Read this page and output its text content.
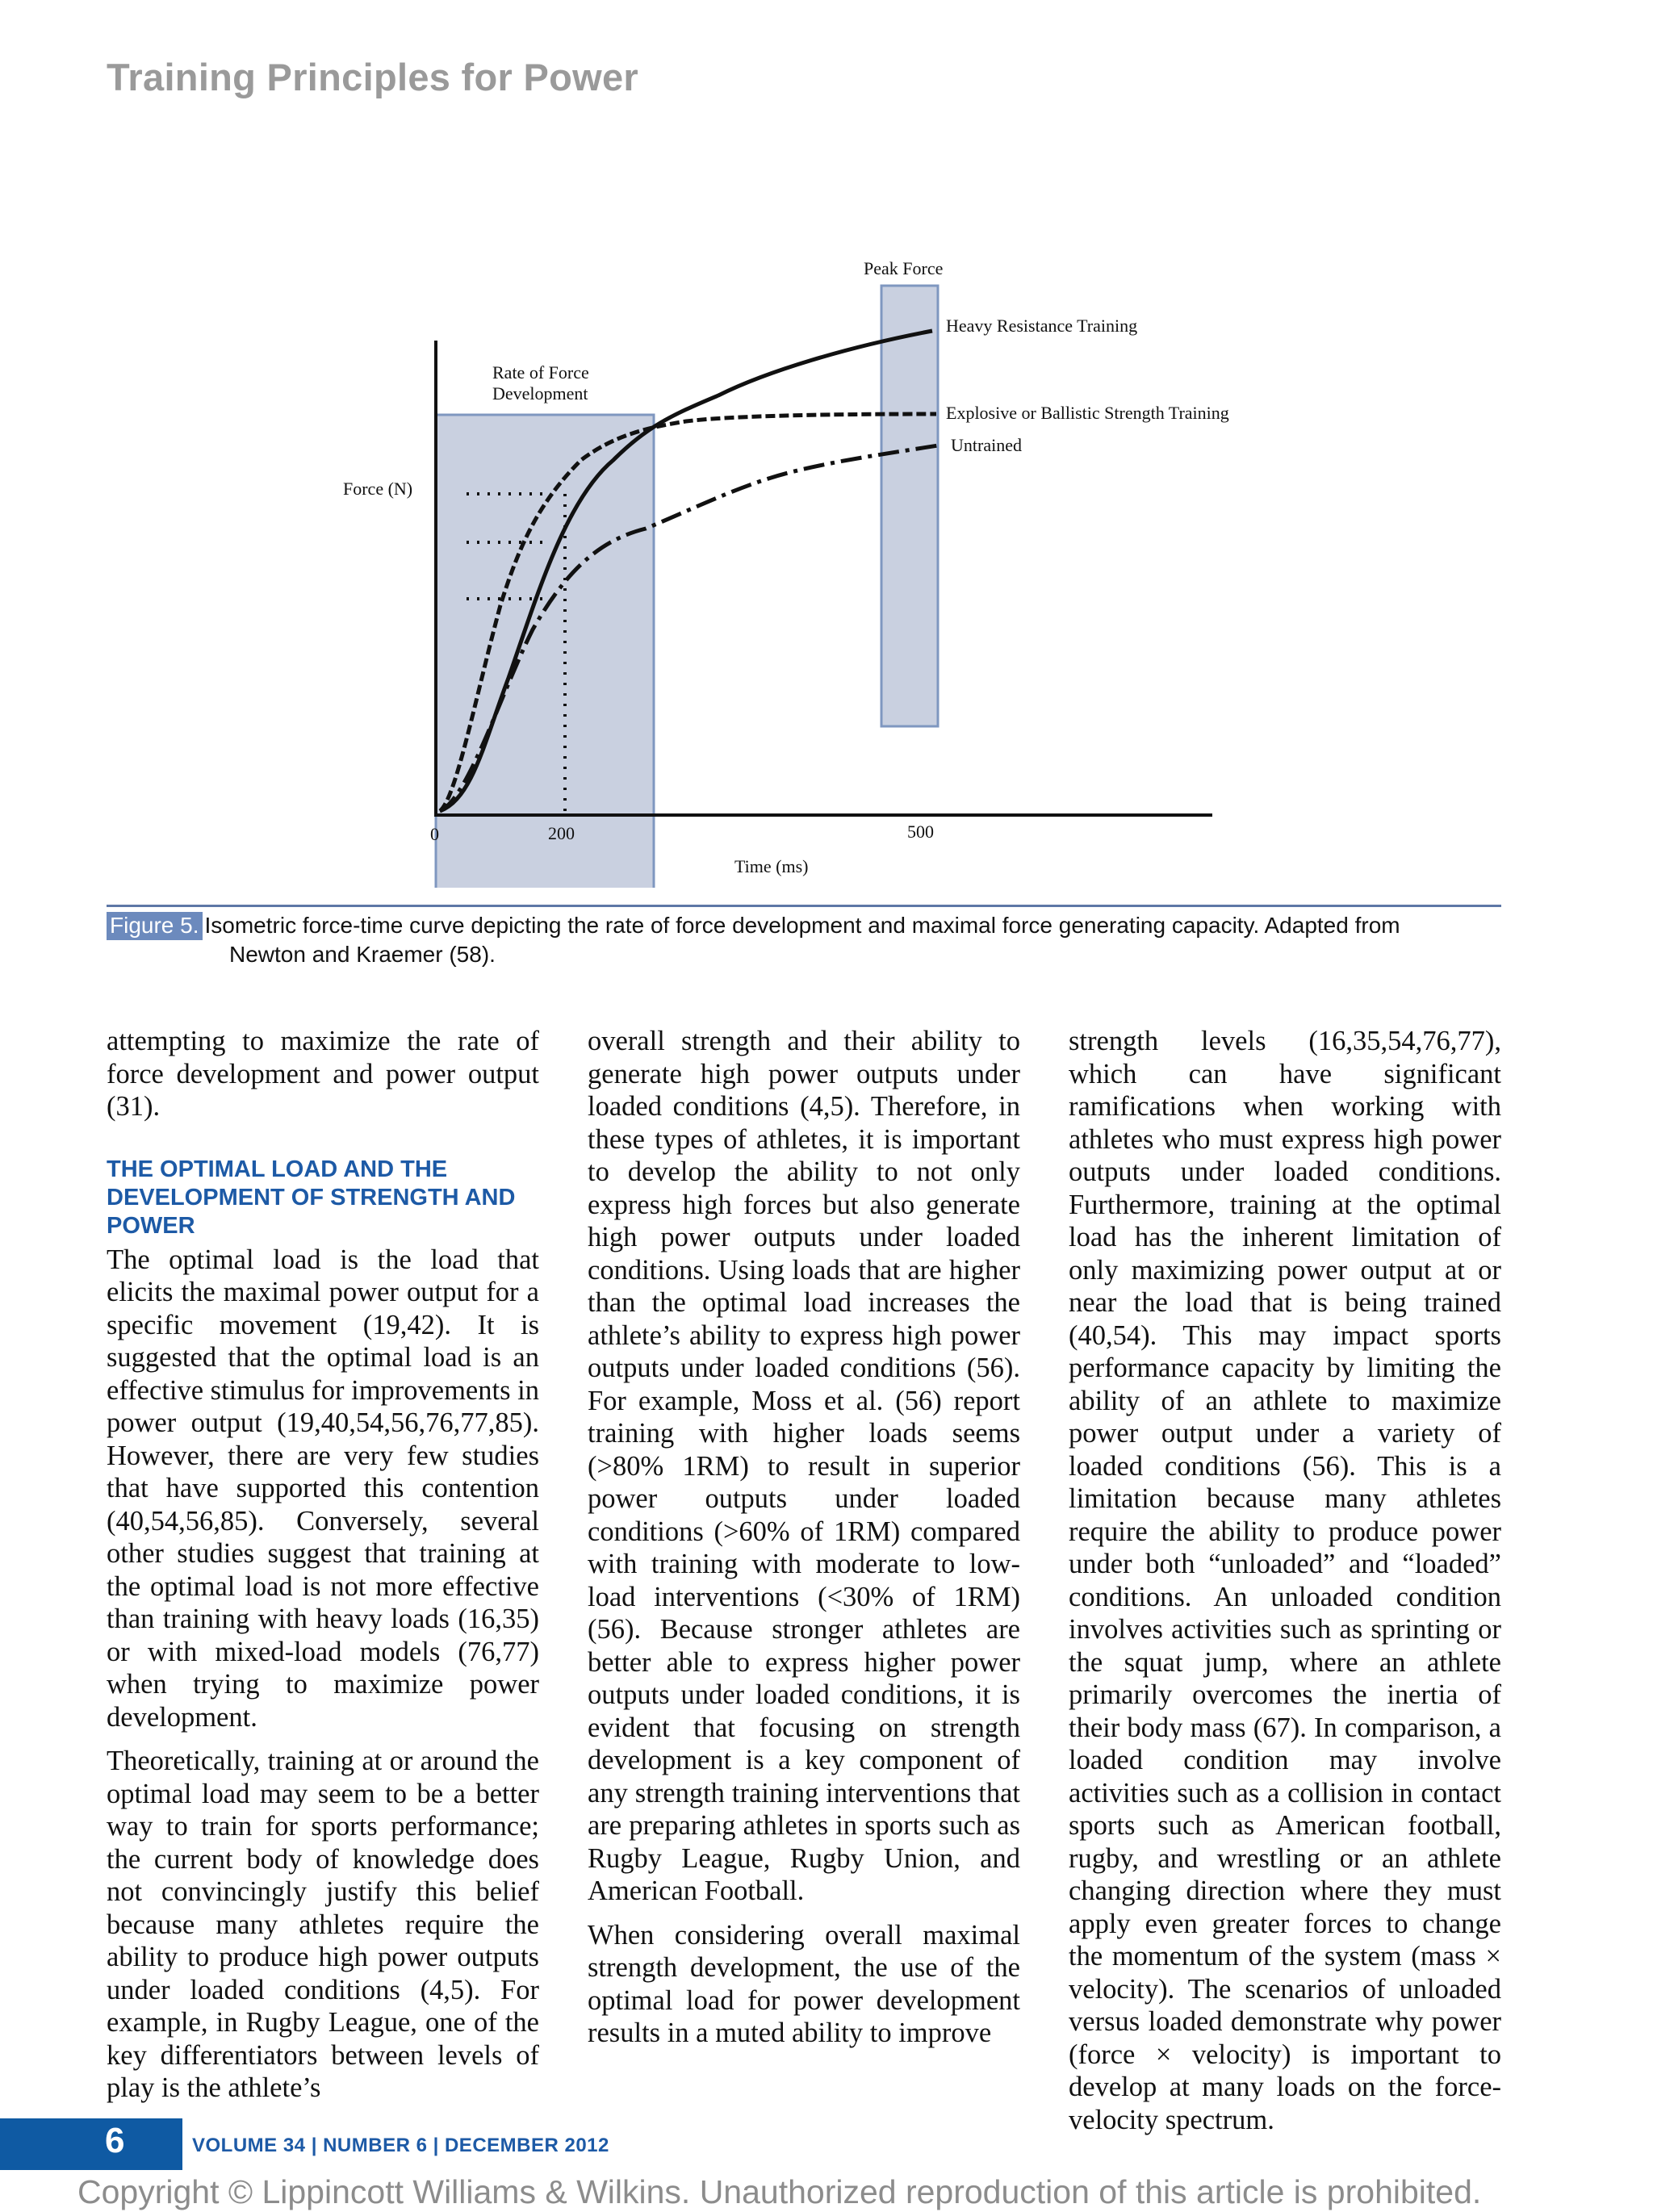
Training Principles for Power
Peak Force
Heavy Resistance Training
Explosive or Ballistic Strength Training
Untrained
Rate of Force
Development
Force (N)
0	200	500
Time (ms)
Figure 5. Isometric force-time curve depicting the rate of force development and maximal force generating capacity. Adapted from
Newton and Kraemer (58).

attempting to maximize the rate of force development and power output (31).

THE OPTIMAL LOAD AND THE DEVELOPMENT OF STRENGTH AND POWER

The optimal load is the load that elicits the maximal power output for a specific movement (19,42). It is suggested that the optimal load is an effective stimulus for improvements in power output (19,40,54,56,76,77,85). However, there are very few studies that have supported this contention (40,54,56,85). Conversely, several other studies suggest that training at the optimal load is not more effective than training with heavy loads (16,35) or with mixed-load models (76,77) when trying to maximize power development.

Theoretically, training at or around the optimal load may seem to be a better way to train for sports performance; the current body of knowledge does not convincingly justify this belief because many athletes require the ability to produce high power outputs under loaded conditions (4,5). For example, in Rugby League, one of the key differentiators between levels of play is the athlete’s

overall strength and their ability to generate high power outputs under loaded conditions (4,5). Therefore, in these types of athletes, it is important to develop the ability to not only express high forces but also generate high power outputs under loaded conditions. Using loads that are higher than the optimal load increases the athlete’s ability to express high power outputs under loaded conditions (56). For example, Moss et al. (56) report training with higher loads seems (>80% 1RM) to result in superior power outputs under loaded conditions (>60% of 1RM) compared with training with moderate to low-load interventions (<30% of 1RM) (56). Because stronger athletes are better able to express higher power outputs under loaded conditions, it is evident that focusing on strength development is a key component of any strength training interventions that are preparing athletes in sports such as Rugby League, Rugby Union, and American Football.

When considering overall maximal strength development, the use of the optimal load for power development results in a muted ability to improve

strength levels (16,35,54,76,77), which can have significant ramifications when working with athletes who must express high power outputs under loaded conditions. Furthermore, training at the optimal load has the inherent limitation of only maximizing power output at or near the load that is being trained (40,54). This may impact sports performance capacity by limiting the ability of an athlete to maximize power output under a variety of loaded conditions (56). This is a limitation because many athletes require the ability to produce power under both “unloaded” and “loaded” conditions. An unloaded condition involves activities such as sprinting or the squat jump, where an athlete primarily overcomes the inertia of their body mass (67). In comparison, a loaded condition may involve activities such as a collision in contact sports such as American football, rugby, and wrestling or an athlete changing direction where they must apply even greater forces to change the momentum of the system (mass × velocity). The scenarios of unloaded versus loaded demonstrate why power (force × velocity) is important to develop at many loads on the force-velocity spectrum.

6	VOLUME 34 | NUMBER 6 | DECEMBER 2012
Copyright © Lippincott Williams & Wilkins. Unauthorized reproduction of this article is prohibited.
